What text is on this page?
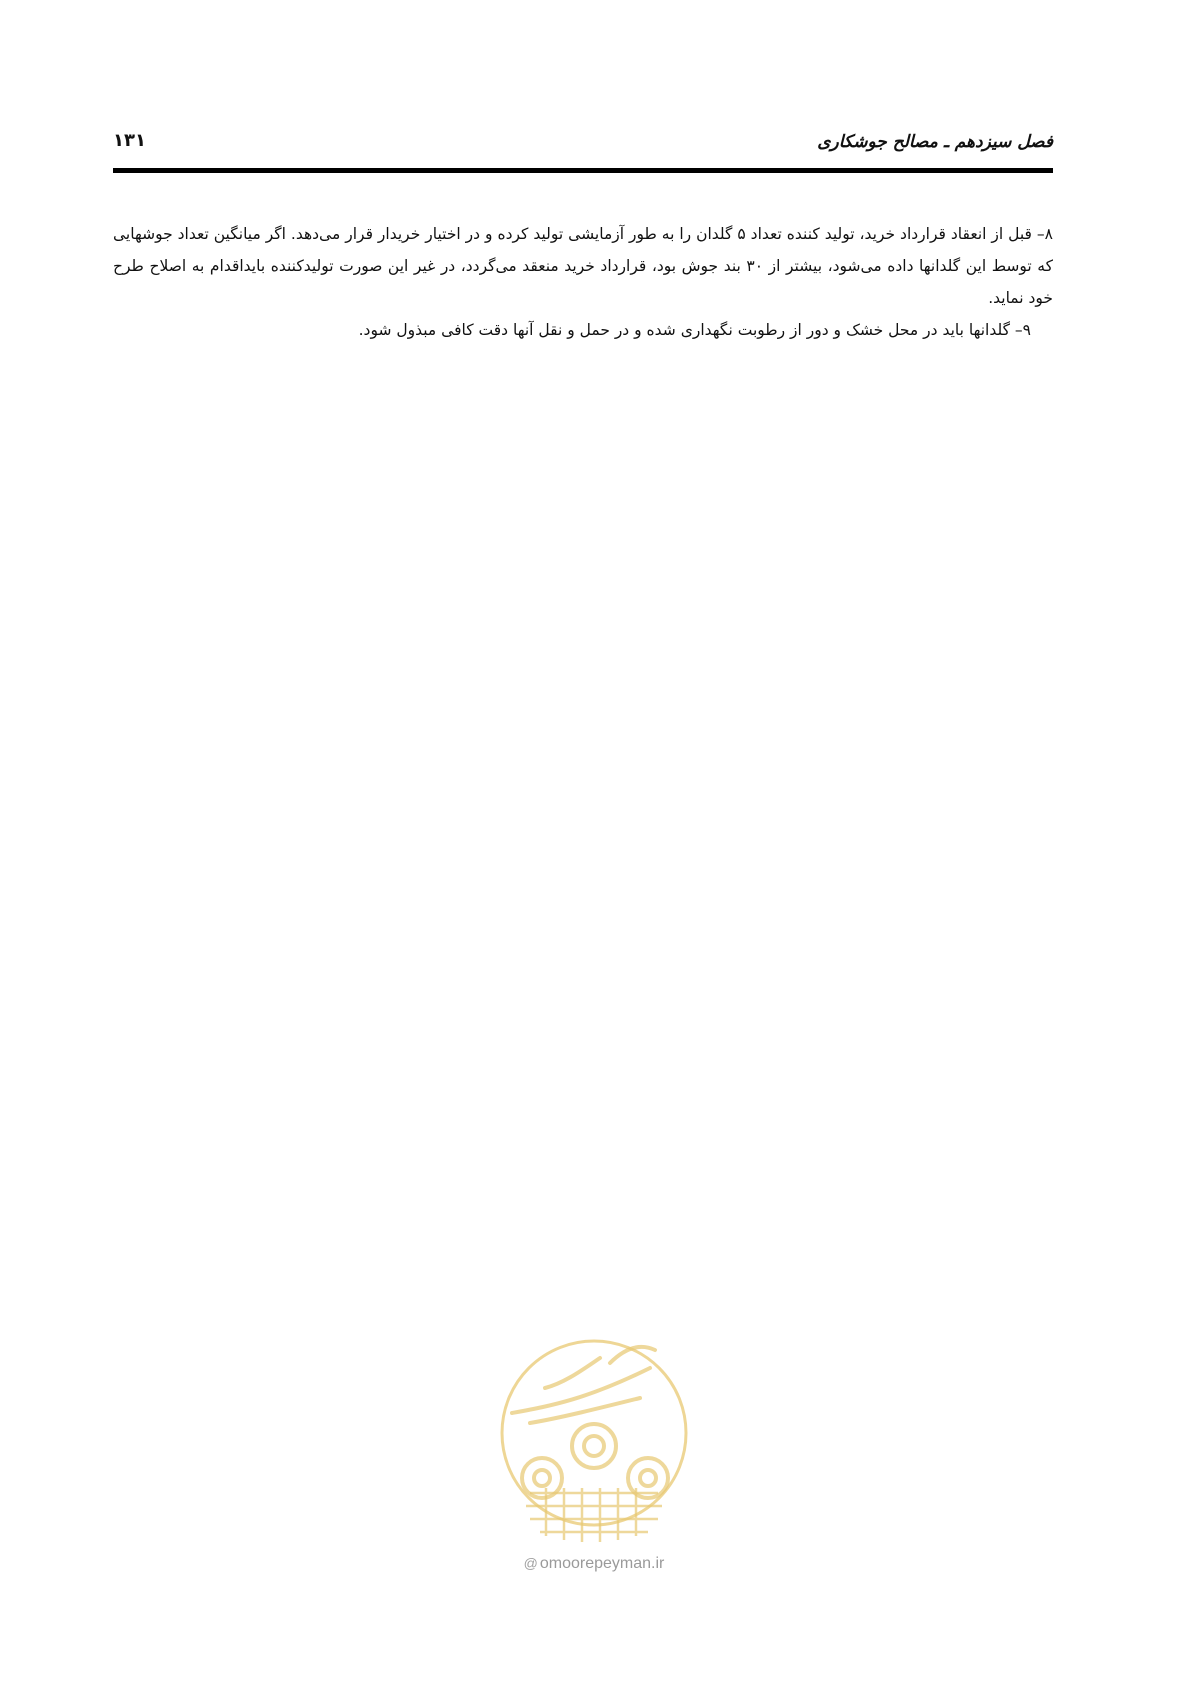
فصل سیزدهم ـ مصالح جوشکاری
۱۳۱

۸– قبل از انعقاد قرارداد خرید، تولید کننده تعداد ۵ گلدان را به طور آزمایشی تولید کرده و در اختیار خریدار قرار می‌دهد. اگر میانگین تعداد جوشهایی که توسط این گلدانها داده می‌شود، بیشتر از ۳۰ بند جوش بود، قرارداد خرید منعقد می‌گردد، در غیر این صورت تولیدکننده بایداقدام به اصلاح طرح خود نماید.

۹– گلدانها باید در محل خشک و دور از رطوبت نگهداری شده و در حمل و نقل آنها دقت کافی مبذول شود.

@ omoorepeyman.ir
